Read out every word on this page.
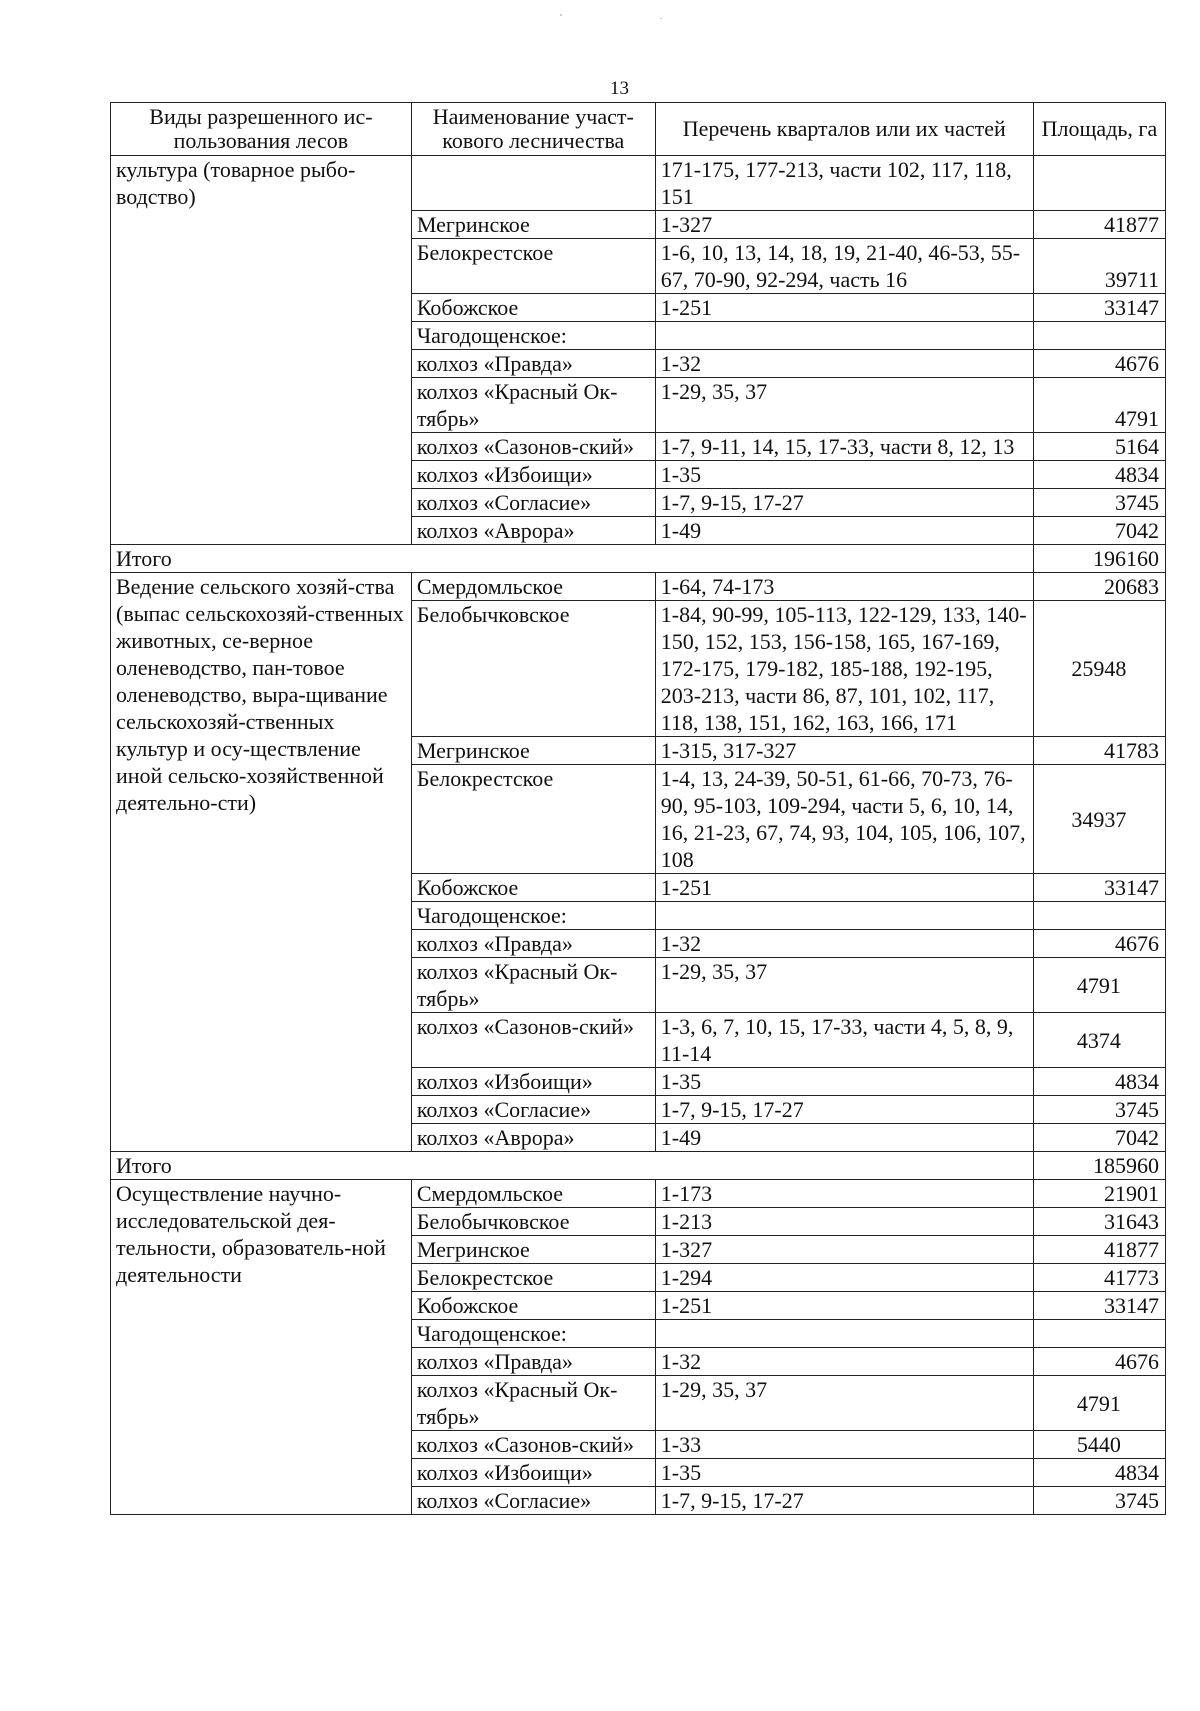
13
Виды разрешенного ис-пользования лесов	Наименование участ-кового лесничества	Перечень кварталов или их частей	Площадь, га
культура (товарное рыбо-водство)		171-175, 177-213, части 102, 117, 118, 151	
	Мегринское	1-327	41877
	Белокрестское	1-6, 10, 13, 14, 18, 19, 21-40, 46-53, 55-67, 70-90, 92-294, часть 16	39711
	Кобожское	1-251	33147
	Чагодощенское:		
	колхоз «Правда»	1-32	4676
	колхоз «Красный Ок-тябрь»	1-29, 35, 37	4791
	колхоз «Сазонов-ский»	1-7, 9-11, 14, 15, 17-33, части 8, 12, 13	5164
	колхоз «Избоищи»	1-35	4834
	колхоз «Согласие»	1-7, 9-15, 17-27	3745
	колхоз «Аврора»	1-49	7042
Итого			196160
Ведение сельского хозяй-ства (выпас сельскохозяй-ственных животных, се-верное оленеводство, пан-товое оленеводство, выра-щивание сельскохозяй-ственных культур и осу-ществление иной сельско-хозяйственной деятельно-сти)	Смердомльское	1-64, 74-173	20683
	Белобычковское	1-84, 90-99, 105-113, 122-129, 133, 140-150, 152, 153, 156-158, 165, 167-169, 172-175, 179-182, 185-188, 192-195, 203-213, части 86, 87, 101, 102, 117, 118, 138, 151, 162, 163, 166, 171	25948
	Мегринское	1-315, 317-327	41783
	Белокрестское	1-4, 13, 24-39, 50-51, 61-66, 70-73, 76-90, 95-103, 109-294, части 5, 6, 10, 14, 16, 21-23, 67, 74, 93, 104, 105, 106, 107, 108	34937
	Кобожское	1-251	33147
	Чагодощенское:		
	колхоз «Правда»	1-32	4676
	колхоз «Красный Ок-тябрь»	1-29, 35, 37	4791
	колхоз «Сазонов-ский»	1-3, 6, 7, 10, 15, 17-33, части 4, 5, 8, 9, 11-14	4374
	колхоз «Избоищи»	1-35	4834
	колхоз «Согласие»	1-7, 9-15, 17-27	3745
	колхоз «Аврора»	1-49	7042
Итого			185960
Осуществление научно-исследовательской дея-тельности, образователь-ной деятельности	Смердомльское	1-173	21901
	Белобычковское	1-213	31643
	Мегринское	1-327	41877
	Белокрестское	1-294	41773
	Кобожское	1-251	33147
	Чагодощенское:		
	колхоз «Правда»	1-32	4676
	колхоз «Красный Ок-тябрь»	1-29, 35, 37	4791
	колхоз «Сазонов-ский»	1-33	5440
	колхоз «Избоищи»	1-35	4834
	колхоз «Согласие»	1-7, 9-15, 17-27	3745
